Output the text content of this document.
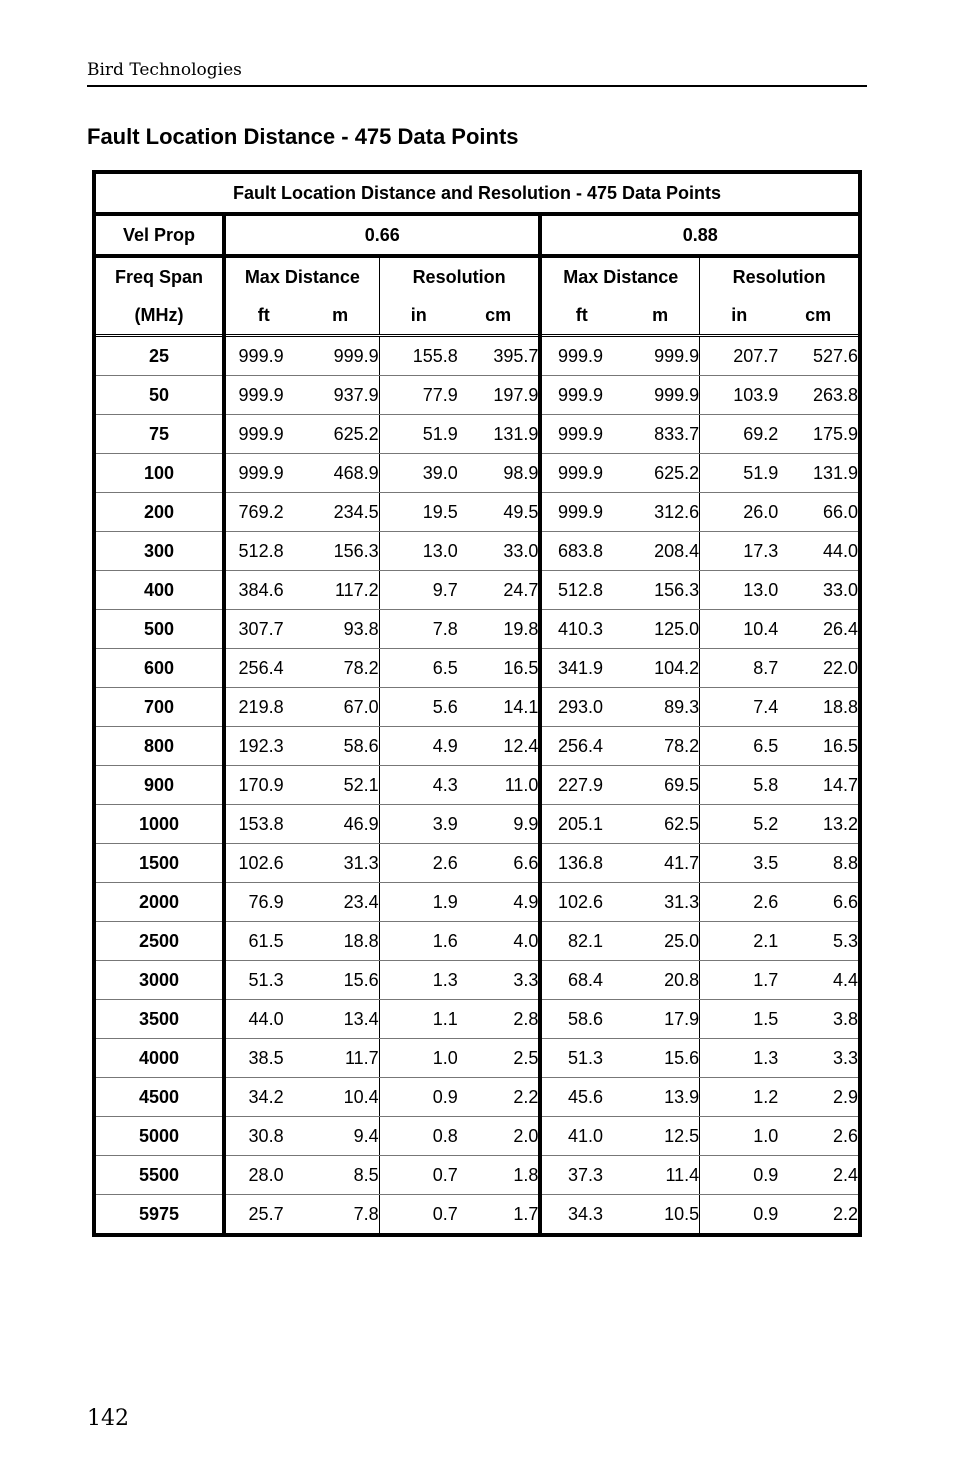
Bird Technologies
Fault Location Distance - 475 Data Points
Fault Location Distance and Resolution - 475 Data Points								
Vel Prop	0.66				0.88			
Freq Span	Max Distance		Resolution		Max Distance		Resolution	
(MHz)	ft	m	in	cm	ft	m	in	cm
25	999.9	999.9	155.8	395.7	999.9	999.9	207.7	527.6
50	999.9	937.9	77.9	197.9	999.9	999.9	103.9	263.8
75	999.9	625.2	51.9	131.9	999.9	833.7	69.2	175.9
100	999.9	468.9	39.0	98.9	999.9	625.2	51.9	131.9
200	769.2	234.5	19.5	49.5	999.9	312.6	26.0	66.0
300	512.8	156.3	13.0	33.0	683.8	208.4	17.3	44.0
400	384.6	117.2	9.7	24.7	512.8	156.3	13.0	33.0
500	307.7	93.8	7.8	19.8	410.3	125.0	10.4	26.4
600	256.4	78.2	6.5	16.5	341.9	104.2	8.7	22.0
700	219.8	67.0	5.6	14.1	293.0	89.3	7.4	18.8
800	192.3	58.6	4.9	12.4	256.4	78.2	6.5	16.5
900	170.9	52.1	4.3	11.0	227.9	69.5	5.8	14.7
1000	153.8	46.9	3.9	9.9	205.1	62.5	5.2	13.2
1500	102.6	31.3	2.6	6.6	136.8	41.7	3.5	8.8
2000	76.9	23.4	1.9	4.9	102.6	31.3	2.6	6.6
2500	61.5	18.8	1.6	4.0	82.1	25.0	2.1	5.3
3000	51.3	15.6	1.3	3.3	68.4	20.8	1.7	4.4
3500	44.0	13.4	1.1	2.8	58.6	17.9	1.5	3.8
4000	38.5	11.7	1.0	2.5	51.3	15.6	1.3	3.3
4500	34.2	10.4	0.9	2.2	45.6	13.9	1.2	2.9
5000	30.8	9.4	0.8	2.0	41.0	12.5	1.0	2.6
5500	28.0	8.5	0.7	1.8	37.3	11.4	0.9	2.4
5975	25.7	7.8	0.7	1.7	34.3	10.5	0.9	2.2
142
